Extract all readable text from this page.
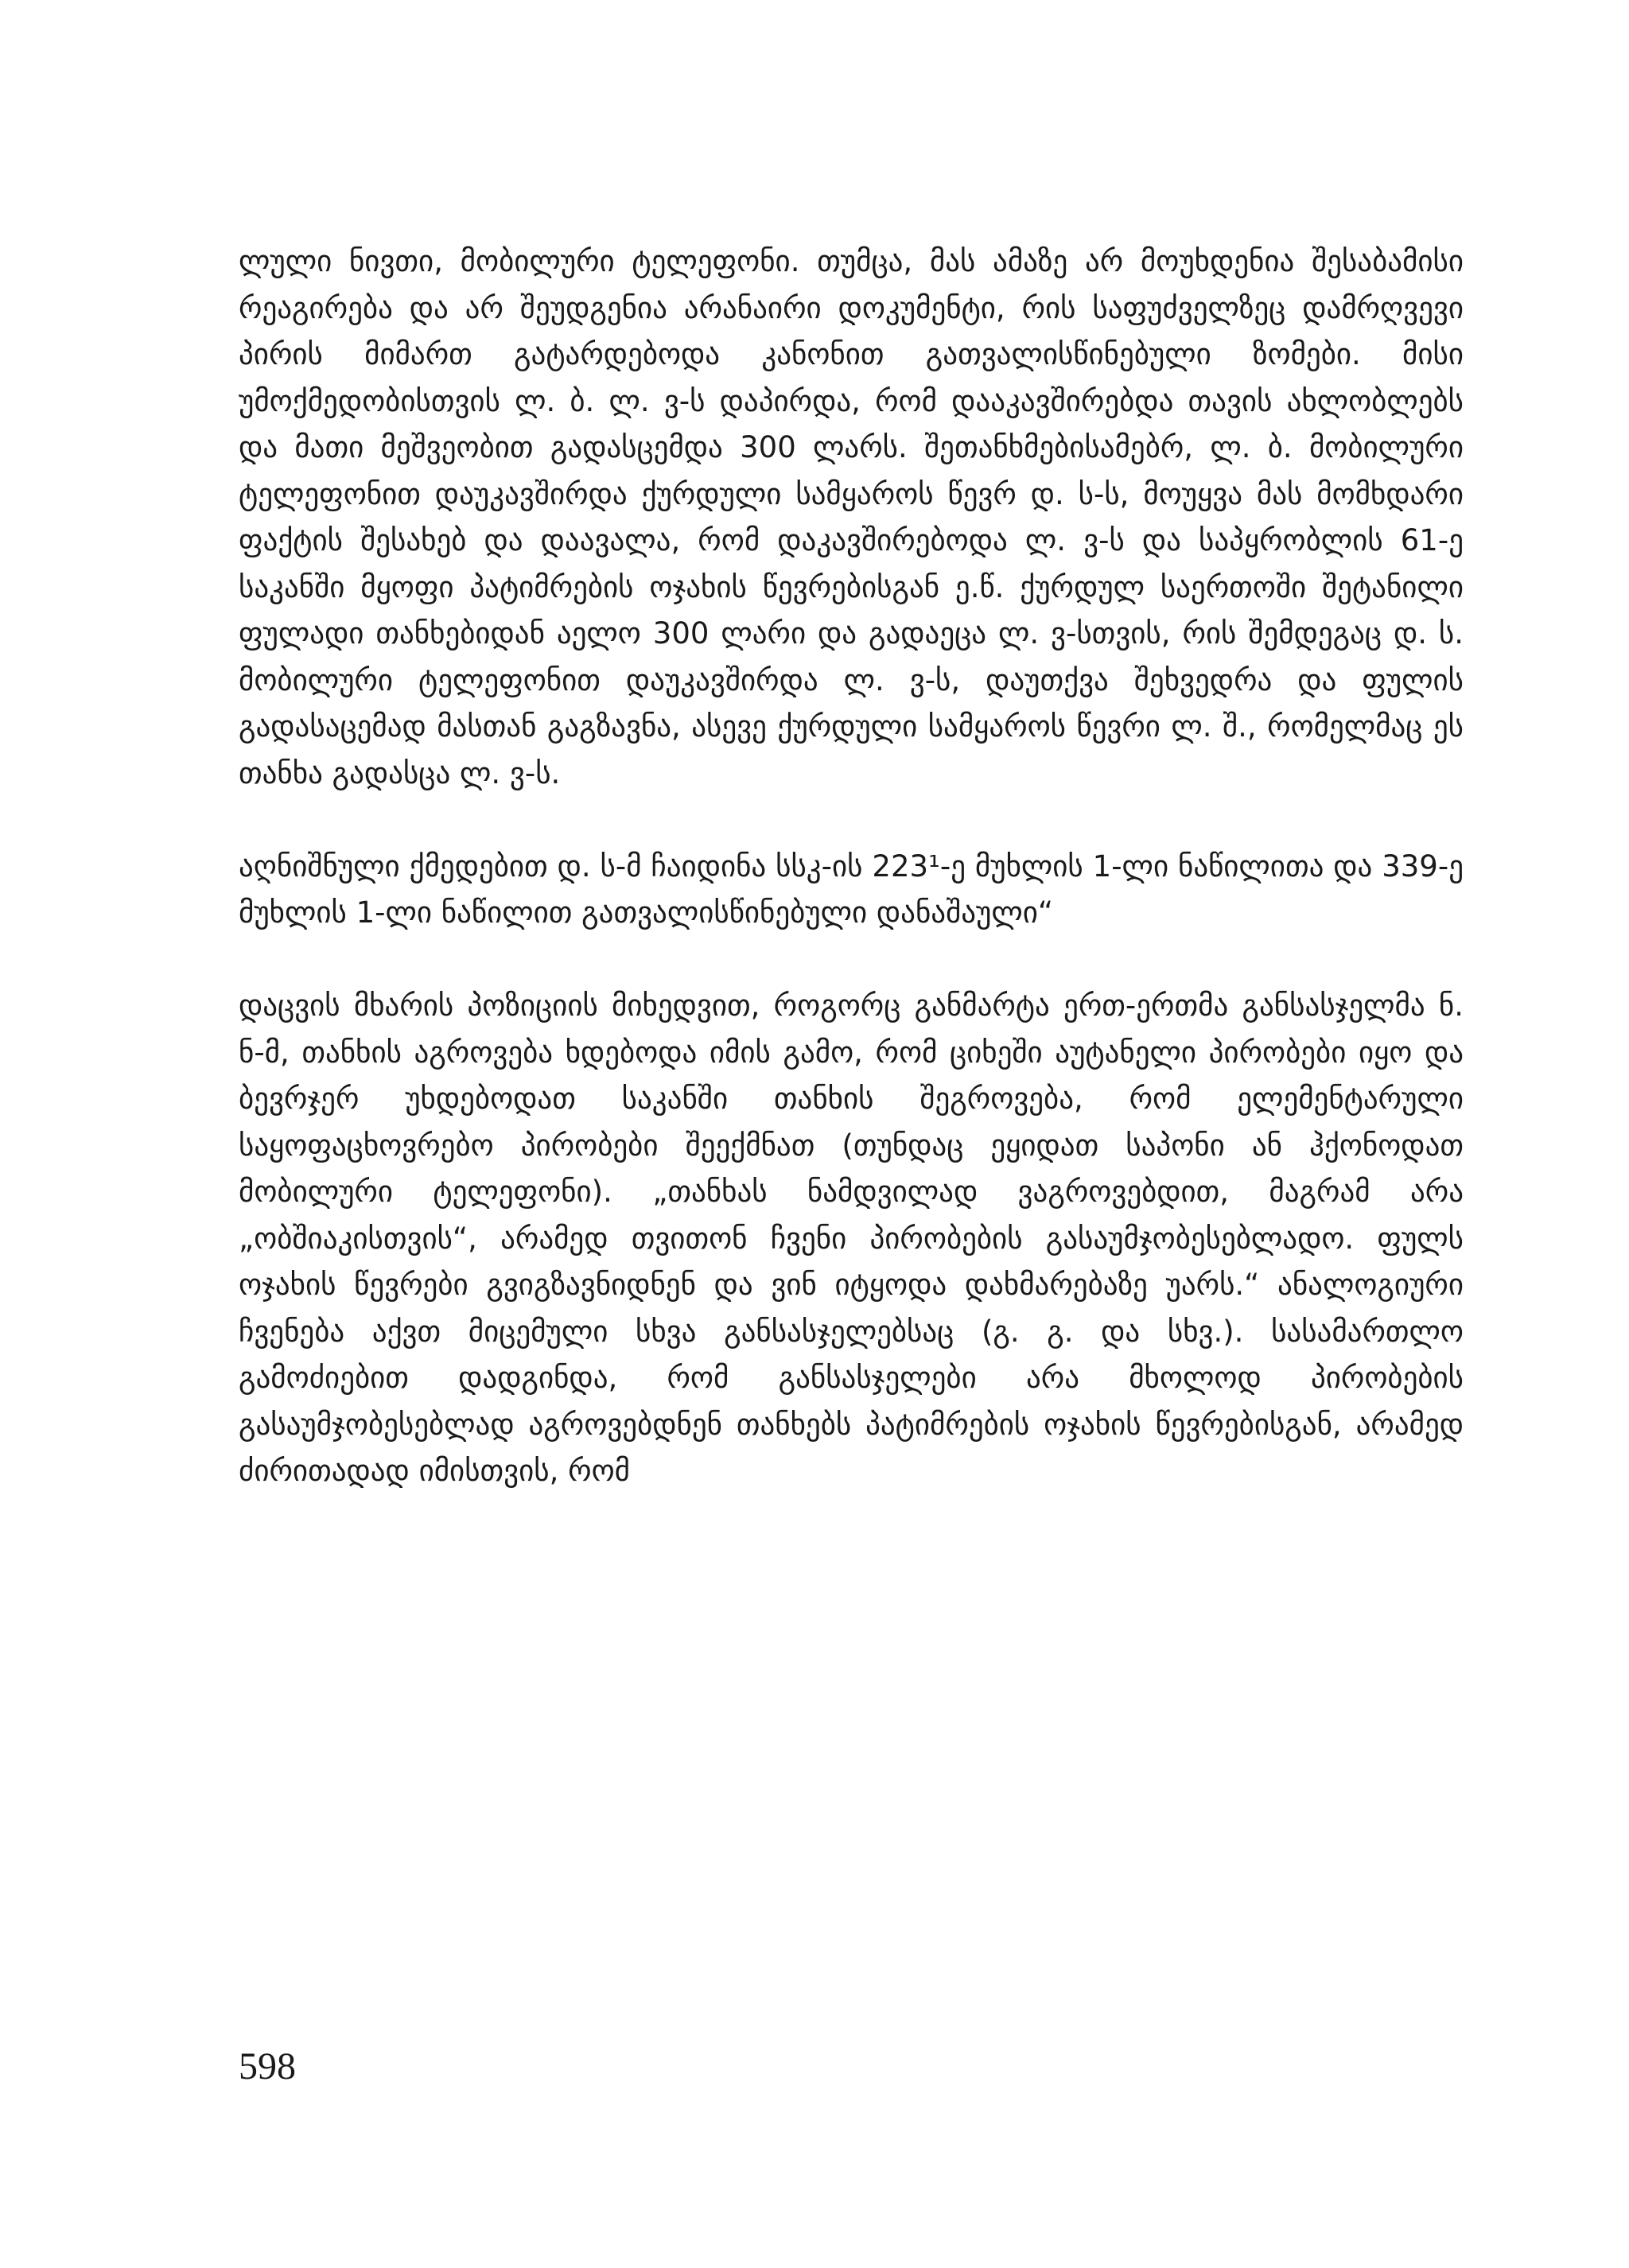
ლული ნივთი, მობილური ტელეფონი. თუმცა, მას ამაზე არ მოუხდენია შესაბამისი რეაგირება და არ შეუდგენია არანაირი დოკუმენტი, რის საფუძველზეც დამრღვევი პირის მიმართ გატარდებოდა კანონით გათვალისწინებული ზომები. მისი უმოქმედობისთვის ლ. ბ. ლ. ვ-ს დაპირდა, რომ დააკავშირებდა თავის ახლობლებს და მათი მეშვეობით გადასცემდა 300 ლარს. შეთანხმებისამებრ, ლ. ბ. მობილური ტელეფონით დაუკავშირდა ქურდული სამყაროს წევრ დ. ს-ს, მოუყვა მას მომხდარი ფაქტის შესახებ და დაავალა, რომ დაკავშირებოდა ლ. ვ-ს და საპყრობლის 61-ე საკანში მყოფი პატიმრების ოჯახის წევრებისგან ე.წ. ქურდულ საერთოში შეტანილი ფულადი თანხებიდან აელო 300 ლარი და გადაეცა ლ. ვ-სთვის, რის შემდეგაც დ. ს. მობილური ტელეფონით დაუკავშირდა ლ. ვ-ს, დაუთქვა შეხვედრა და ფულის გადასაცემად მასთან გაგზავნა, ასევე ქურდული სამყაროს წევრი ლ. შ., რომელმაც ეს თანხა გადასცა ლ. ვ-ს.

აღნიშნული ქმედებით დ. ს-მ ჩაიდინა სსკ-ის 223¹-ე მუხლის 1-ლი ნაწილითა და 339-ე მუხლის 1-ლი ნაწილით გათვალისწინებული დანაშაული“

დაცვის მხარის პოზიციის მიხედვით, როგორც განმარტა ერთ-ერთმა განსასჯელმა ნ. ნ-მ, თანხის აგროვება ხდებოდა იმის გამო, რომ ციხეში აუტანელი პირობები იყო და ბევრჯერ უხდებოდათ საკანში თანხის შეგროვება, რომ ელემენტარული საყოფაცხოვრებო პირობები შეექმნათ (თუნდაც ეყიდათ საპონი ან ჰქონოდათ მობილური ტელეფონი). „თანხას ნამდვილად ვაგროვებდით, მაგრამ არა „ობშიაკისთვის“, არამედ თვითონ ჩვენი პირობების გასაუმჯობესებლადო. ფულს ოჯახის წევრები გვიგზავნიდნენ და ვინ იტყოდა დახმარებაზე უარს.“ ანალოგიური ჩვენება აქვთ მიცემული სხვა განსასჯელებსაც (გ. გ. და სხვ.). სასამართლო გამოძიებით დადგინდა, რომ განსასჯელები არა მხოლოდ პირობების გასაუმჯობესებლად აგროვებდნენ თანხებს პატიმრების ოჯახის წევრებისგან, არამედ ძირითადად იმისთვის, რომ

598
